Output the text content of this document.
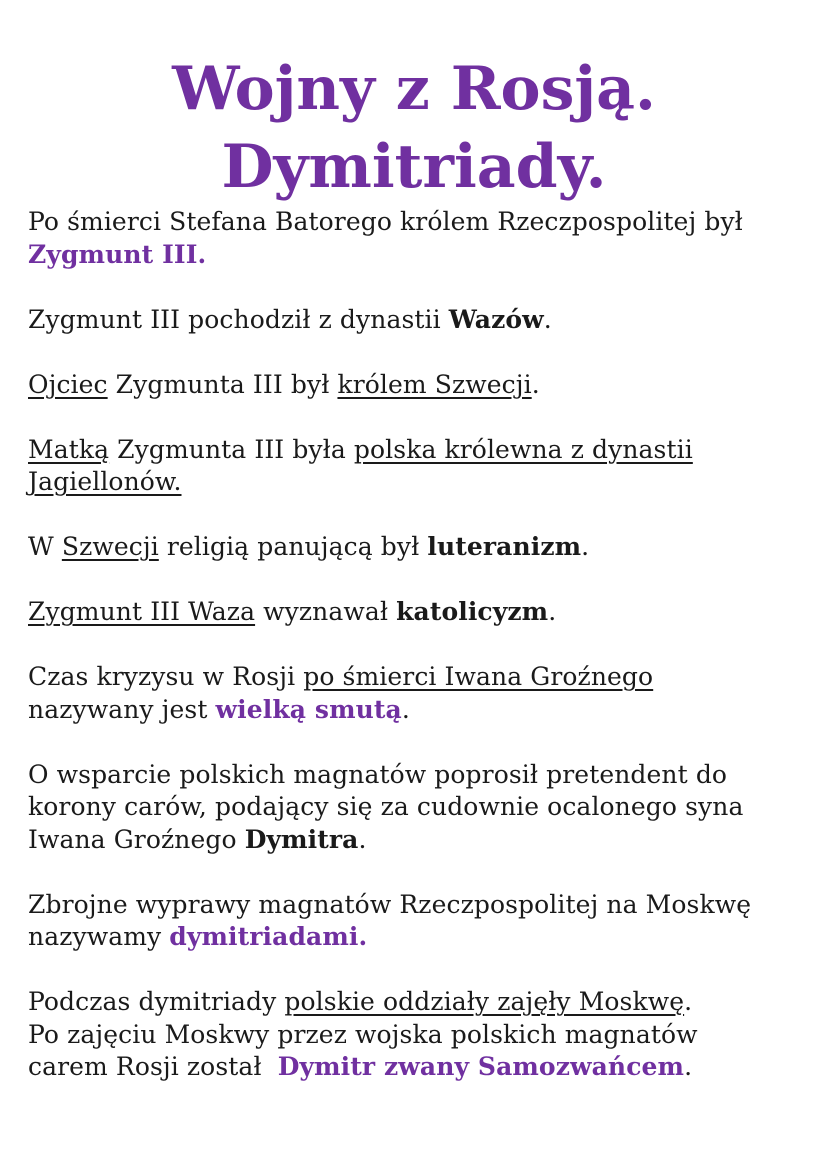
Wojny z Rosją.
Dymitriady.

Po śmierci Stefana Batorego królem Rzeczpospolitej był
Zygmunt III.

Zygmunt III pochodził z dynastii Wazów.

Ojciec Zygmunta III był królem Szwecji.

Matką Zygmunta III była polska królewna z dynastii
Jagiellonów.

W Szwecji religią panującą był luteranizm.

Zygmunt III Waza wyznawał katolicyzm.

Czas kryzysu w Rosji po śmierci Iwana Groźnego
nazywany jest wielką smutą.

O wsparcie polskich magnatów poprosił pretendent do
korony carów, podający się za cudownie ocalonego syna
Iwana Groźnego Dymitra.

Zbrojne wyprawy magnatów Rzeczpospolitej na Moskwę
nazywamy dymitriadami.

Podczas dymitriady polskie oddziały zajęły Moskwę.
Po zajęciu Moskwy przez wojska polskich magnatów
carem Rosji został  Dymitr zwany Samozwańcem.
